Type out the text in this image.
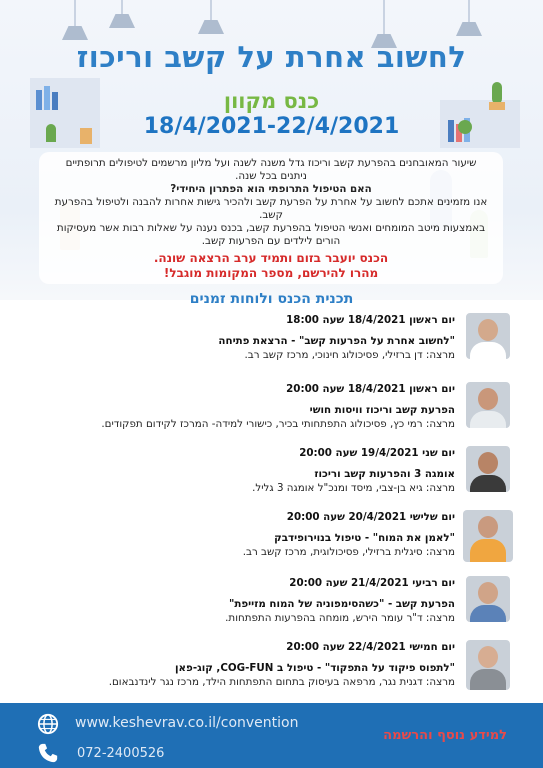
לחשוב אחרת על קשב וריכוז
כנס מקוון
18/4/2021-22/4/2021

שיעור המאובחנים בהפרעת קשב וריכוז גדל משנה לשנה ועל מליון מרשמים לטיפולים תרופתיים ניתנים בכל שנה.

האם הטיפול התרופתי הוא הפתרון היחידי?

אנו מזמינים אתכם לחשוב על אחרת על הפרעת קשב ולהכיר גישות אחרות להבנה ולטיפול בהפרעת קשב.

באמצעות מיטב המומחים ואנשי הטיפול בהפרעת קשב, בכנס נענה על שאלות רבות אשר מעסיקות הורים לילדים עם הפרעות קשב.

הכנס יועבר בזום ותמיד ערב הרצאה שונה.

מהרו להירשם, מספר המקומות מוגבל!

תכנית הכנס ולוחות זמנים
יום ראשון 18/4/2021 שעה 18:00
"לחשוב אחרת על הפרעות קשב" - הרצאת פתיחה
מרצה: דן ברזילי, פסיכולוג חינוכי, מרכז קשב רב.
יום ראשון 18/4/2021 שעה 20:00
הפרעת קשב וריכוז וויסות חושי
מרצה: רמי כץ, פסיכולוג התפתחותי בכיר, כישורי למידה- המרכז לקידום תפקודים.
יום שני 19/4/2021 שעה 20:00
אומגה 3 והפרעות קשב וריכוז
מרצה: גיא בן-צבי, מיסד ומנכ"ל אומגה 3 גליל.
יום שלישי 20/4/2021 שעה 20:00
"לאמן את המוח" - טיפול בנוירופידבק
מרצה: סיגלית ברזילי, פסיכולוגית, מרכז קשב רב.
יום רביעי 21/4/2021 שעה 20:00
הפרעת קשב - "כשהסימפוניה של המוח מזייפת"
מרצה: ד"ר עומר הירש, מומחה בהפרעות התפתחות.
יום חמישי 22/4/2021 שעה 20:00
"לתפוס פיקוד על התפקוד" - טיפול ב COG-FUN, קוג-פאן
מרצה: דגנית נגר, מרפאה בעיסוק בתחום התפתחות הילד, מרכז נגר לינדנבאום.
www.keshevrav.co.il/convention
072-2400526
למידע נוסף והרשמה
